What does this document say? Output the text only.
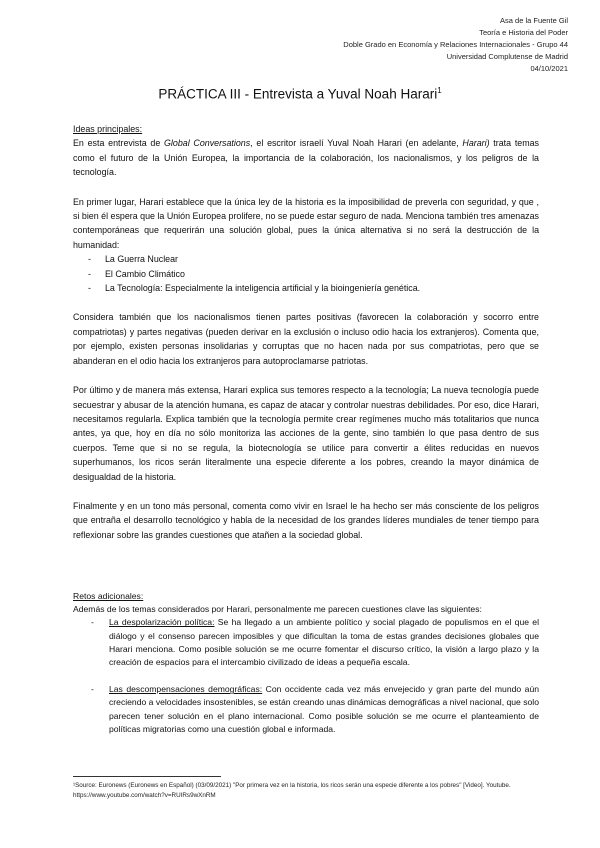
Asa de la Fuente Gil
Teoría e Historia del Poder
Doble Grado en Economía y Relaciones Internacionales - Grupo 44
Universidad Complutense de Madrid
04/10/2021
PRÁCTICA III - Entrevista a Yuval Noah Harari$^1$

Ideas principales:

En esta entrevista de Global Conversations, el escritor israelí Yuval Noah Harari (en adelante, Harari) trata temas como el futuro de la Unión Europea, la importancia de la colaboración, los nacionalismos, y los peligros de la tecnología.

En primer lugar, Harari establece que la única ley de la historia es la imposibilidad de preverla con seguridad, y que , si bien él espera que la Unión Europea prolifere, no se puede estar seguro de nada. Menciona también tres amenazas contemporáneas que requerirán una solución global, pues la única alternativa si no será la destrucción de la humanidad:

- La Guerra Nuclear
- El Cambio Climático
- La Tecnología: Especialmente la inteligencia artificial y la bioingeniería genética.

Considera también que los nacionalismos tienen partes positivas (favorecen la colaboración y socorro entre compatriotas) y partes negativas (pueden derivar en la exclusión o incluso odio hacia los extranjeros). Comenta que, por ejemplo, existen personas insolidarias y corruptas que no hacen nada por sus compatriotas, pero que se abanderan en el odio hacia los extranjeros para autoproclamarse patriotas.

Por último y de manera más extensa, Harari explica sus temores respecto a la tecnología; La nueva tecnología puede secuestrar y abusar de la atención humana, es capaz de atacar y controlar nuestras debilidades. Por eso, dice Harari, necesitamos regularla. Explica también que la tecnología permite crear regímenes mucho más totalitarios que nunca antes, ya que, hoy en día no sólo monitoriza las acciones de la gente, sino también lo que pasa dentro de sus cuerpos. Teme que si no se regula, la biotecnología se utilice para convertir a élites reducidas en nuevos superhumanos, los ricos serán literalmente una especie diferente a los pobres, creando la mayor dinámica de desigualdad de la historia.

Finalmente y en un tono más personal, comenta como vivir en Israel le ha hecho ser más consciente de los peligros que entraña el desarrollo tecnológico y habla de la necesidad de los grandes líderes mundiales de tener tiempo para reflexionar sobre las grandes cuestiones que atañen a la sociedad global.

Retos adicionales:

Además de los temas considerados por Harari, personalmente me parecen cuestiones clave las siguientes:

- La despolarización política: Se ha llegado a un ambiente político y social plagado de populismos en el que el diálogo y el consenso parecen imposibles y que dificultan la toma de estas grandes decisiones globales que Harari menciona. Como posible solución se me ocurre fomentar el discurso crítico, la visión a largo plazo y la creación de espacios para el intercambio civilizado de ideas a pequeña escala.
- Las descompensaciones demográficas: Con occidente cada vez más envejecido y gran parte del mundo aún creciendo a velocidades insostenibles, se están creando unas dinámicas demográficas a nivel nacional, que solo parecen tener solución en el plano internacional. Como posible solución se me ocurre el planteamiento de políticas migratorias como una cuestión global e informada.
¹Source: Euronews (Euronews en Español) (03/09/2021) "Por primera vez en la historia, los ricos serán una especie diferente a los pobres" [Video]. Youtube. https://www.youtube.com/watch?v=RUIRs9wXnRM
